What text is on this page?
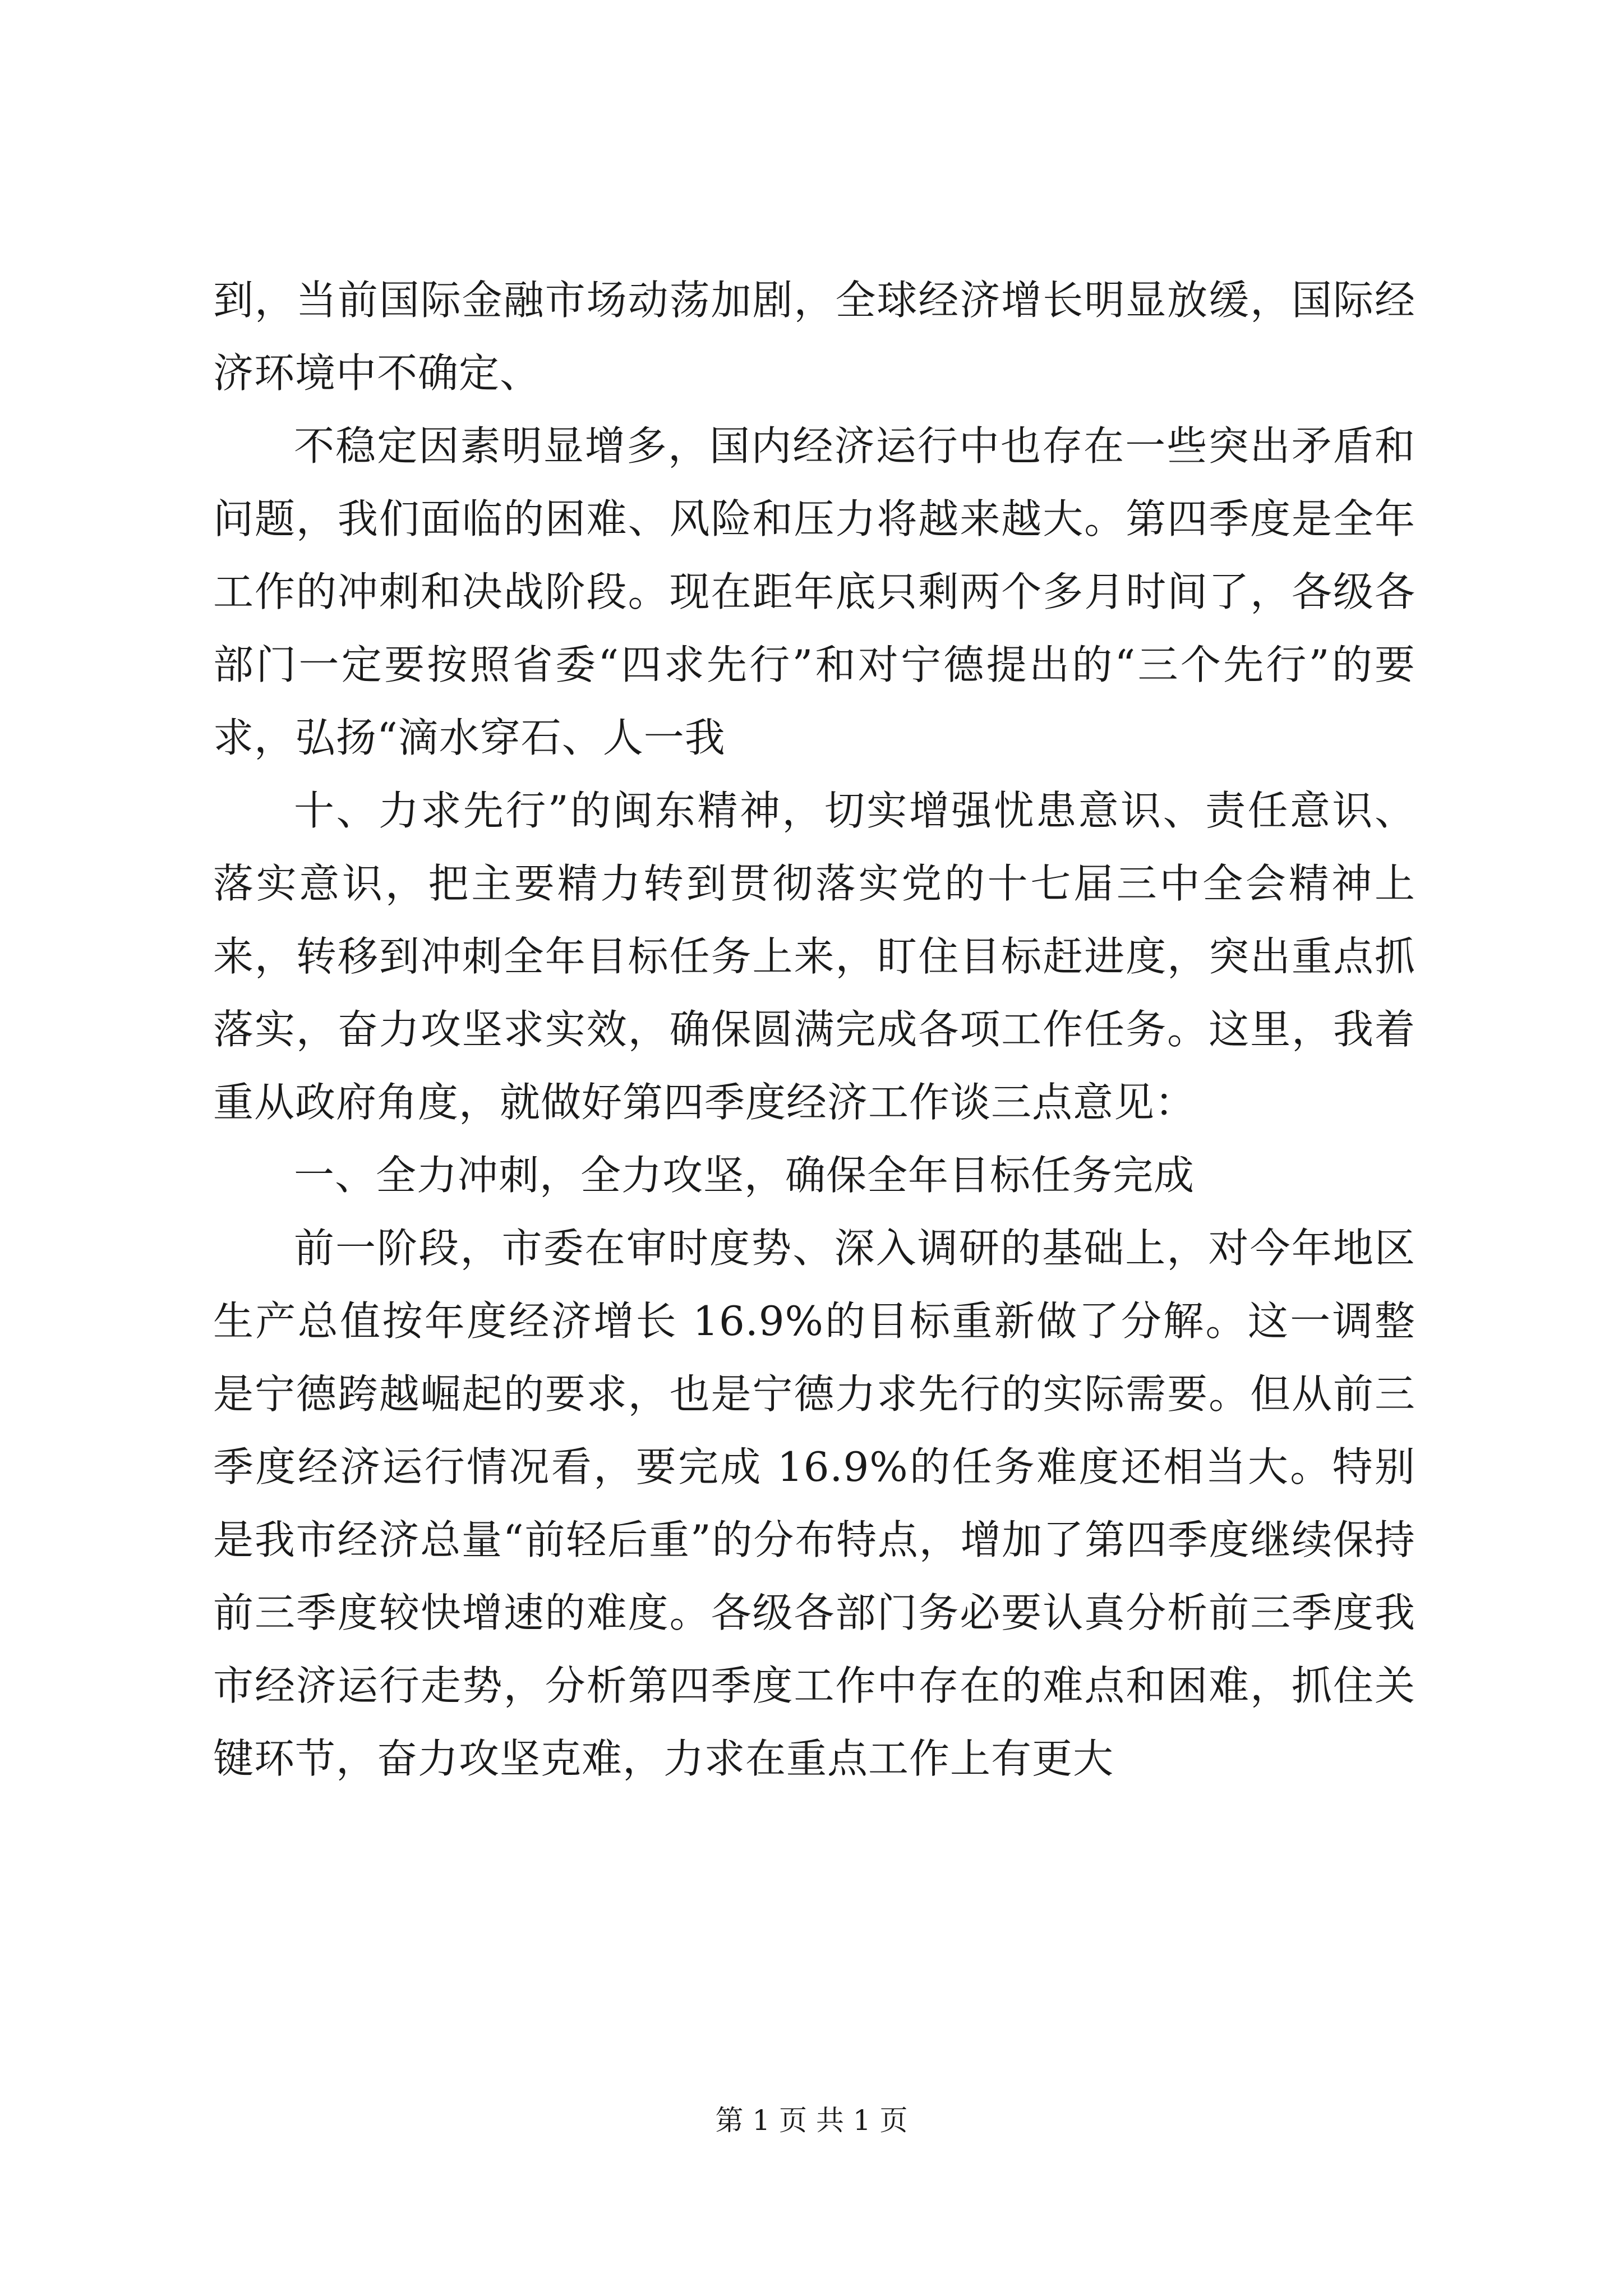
到，当前国际金融市场动荡加剧，全球经济增长明显放缓，国际经济环境中不确定、

不稳定因素明显增多，国内经济运行中也存在一些突出矛盾和问题，我们面临的困难、风险和压力将越来越大。第四季度是全年工作的冲刺和决战阶段。现在距年底只剩两个多月时间了，各级各部门一定要按照省委“四求先行”和对宁德提出的“三个先行”的要求，弘扬“滴水穿石、人一我

十、力求先行”的闽东精神，切实增强忧患意识、责任意识、落实意识，把主要精力转到贯彻落实党的十七届三中全会精神上来，转移到冲刺全年目标任务上来，盯住目标赶进度，突出重点抓落实，奋力攻坚求实效，确保圆满完成各项工作任务。这里，我着重从政府角度，就做好第四季度经济工作谈三点意见：

一、全力冲刺，全力攻坚，确保全年目标任务完成

前一阶段，市委在审时度势、深入调研的基础上，对今年地区生产总值按年度经济增长 16.9%的目标重新做了分解。这一调整是宁德跨越崛起的要求，也是宁德力求先行的实际需要。但从前三季度经济运行情况看，要完成 16.9%的任务难度还相当大。特别是我市经济总量“前轻后重”的分布特点，增加了第四季度继续保持前三季度较快增速的难度。各级各部门务必要认真分析前三季度我市经济运行走势，分析第四季度工作中存在的难点和困难，抓住关键环节，奋力攻坚克难，力求在重点工作上有更大

第 1 页 共 1 页
